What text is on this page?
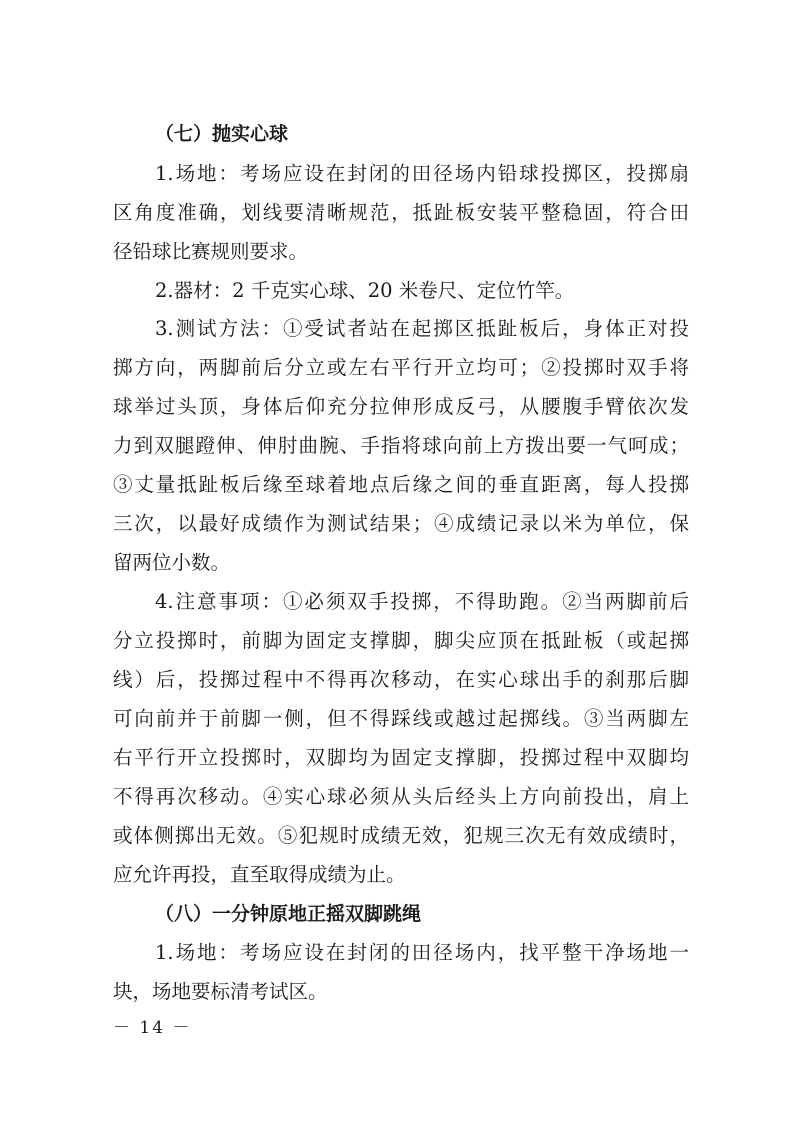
（七）抛实心球
1.场地：考场应设在封闭的田径场内铅球投掷区，投掷扇
区角度准确，划线要清晰规范，抵趾板安装平整稳固，符合田
径铅球比赛规则要求。
2.器材：2 千克实心球、20 米卷尺、定位竹竿。
3.测试方法：①受试者站在起掷区抵趾板后，身体正对投
掷方向，两脚前后分立或左右平行开立均可；②投掷时双手将
球举过头顶，身体后仰充分拉伸形成反弓，从腰腹手臂依次发
力到双腿蹬伸、伸肘曲腕、手指将球向前上方拨出要一气呵成；
③丈量抵趾板后缘至球着地点后缘之间的垂直距离，每人投掷
三次，以最好成绩作为测试结果；④成绩记录以米为单位，保
留两位小数。
4.注意事项：①必须双手投掷，不得助跑。②当两脚前后
分立投掷时，前脚为固定支撑脚，脚尖应顶在抵趾板（或起掷
线）后，投掷过程中不得再次移动，在实心球出手的刹那后脚
可向前并于前脚一侧，但不得踩线或越过起掷线。③当两脚左
右平行开立投掷时，双脚均为固定支撑脚，投掷过程中双脚均
不得再次移动。④实心球必须从头后经头上方向前投出，肩上
或体侧掷出无效。⑤犯规时成绩无效，犯规三次无有效成绩时，
应允许再投，直至取得成绩为止。
（八）一分钟原地正摇双脚跳绳
1.场地：考场应设在封闭的田径场内，找平整干净场地一
块，场地要标清考试区。
－ 14 －
